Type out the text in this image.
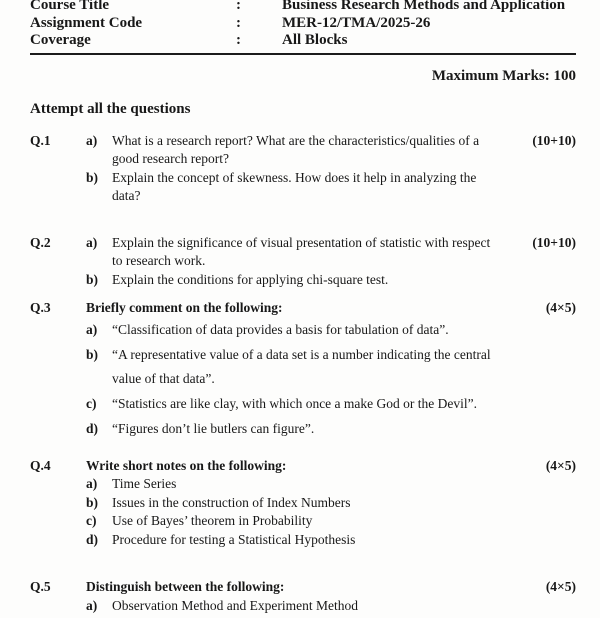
Course Title	:	Business Research Methods and Application
Assignment Code	:	MER-12/TMA/2025-26
Coverage	:	All Blocks
Maximum Marks: 100
Attempt all the questions
Q.1	a)	What is a research report? What are the characteristics/qualities of a good research report?
b)	Explain the concept of skewness. How does it help in analyzing the data?
(10+10)
Q.2	a)	Explain the significance of visual presentation of statistic with respect to research work.
b)	Explain the conditions for applying chi-square test.
(10+10)
Q.3	Briefly comment on the following:
a)	“Classification of data provides a basis for tabulation of data”.
b)	“A representative value of a data set is a number indicating the central value of that data”.
c)	“Statistics are like clay, with which once a make God or the Devil”.
d)	“Figures don’t lie butlers can figure”.
(4×5)
Q.4	Write short notes on the following:
a)	Time Series
b)	Issues in the construction of Index Numbers
c)	Use of Bayes’ theorem in Probability
d)	Procedure for testing a Statistical Hypothesis
(4×5)
Q.5	Distinguish between the following:
a)	Observation Method and Experiment Method
(4×5)
